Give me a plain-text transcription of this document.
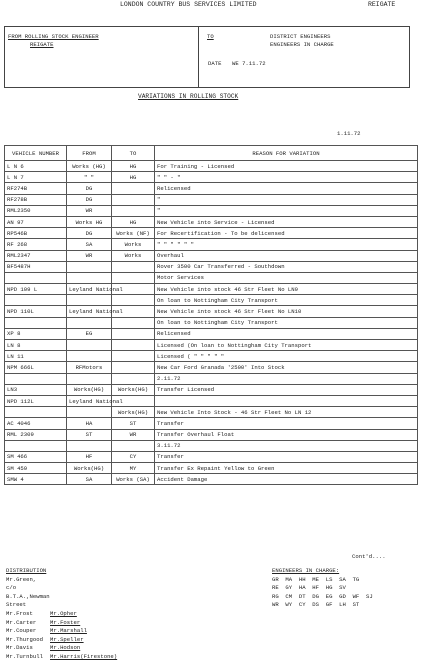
LONDON COUNTRY BUS SERVICES LIMITED	REIGATE
FROM ROLLING STOCK ENGINEER
REIGATE
TO	DISTRICT ENGINEERS
ENGINEERS IN CHARGE
DATE WE 7.11.72
VARIATIONS IN ROLLING STOCK
1.11.72
VEHICLE NUMBER	FROM	TO	REASON FOR VARIATION
L N 6	Works (HG)	HG	For Training - Licensed
L N 7	" "	HG	" " - "
RF274B	DG		Relicensed
RF278B	DG		"
RML2350	WR		"
AN 97	Works HG	HG	New Vehicle into Service - Licensed
RP546B	DG	Works (NF)	For Recertification - To be delicensed
RF 268	SA	Works	" " " " " "
RML2347	WR	Works	Overhaul
BF5487H			Rover 3500 Car Transferred - Southdown
			Motor Services
NPD 109 L	Leyland National		New Vehicle into stock 46 Str Fleet No LN9
			On loan to Nottingham City Transport
NPD 110L	Leyland National		New Vehicle into stock 46 Str Fleet No LN10
			On loan to Nottingham City Transport
XP 8	EG		Relicensed
LN 8			Licensed (On loan to Nottingham City Transport
LN 11			Licensed ( " " " " "
NPM 666L	RFMotors		New Car Ford Granada '2500' Into Stock
			2.11.72
LN3	Works(HG)	Works(HG)	Transfer Licensed
NPD 112L	Leyland National		
		Works(HG)	New Vehicle Into Stock - 46 Str Fleet No LN 12
AC 4046	HA	ST	Transfer
RML 2309	ST	WR	Transfer Overhaul Float
			3.11.72
SM 466	HF	CY	Transfer
SM 459	Works(HG)	MY	Transfer Ex Repaint Yellow to Green
SMW 4	SA	Works (SA)	Accident Damage
Cont'd....
DISTRIBUTION
Mr.Green, c/o B.T.A.,Newman Street
Mr.Frost	Mr.Opher
Mr.Carter Mr.Foster
Mr.Couper Mr.Marshall
Mr.Thurgood Mr.Speller
Mr.Davis	Mr.Hodson
Mr.Turnbull Mr.Harris(Firestone)
ENGINEERS IN CHARGE:
GR  MA  HH  ME  LS  SA  TG
RE  GY  HA  HF  HG  SV
RG  CM  DT  DG  EG  GD  WF  SJ
WR  WY  CY  DS  GF  LH  ST
